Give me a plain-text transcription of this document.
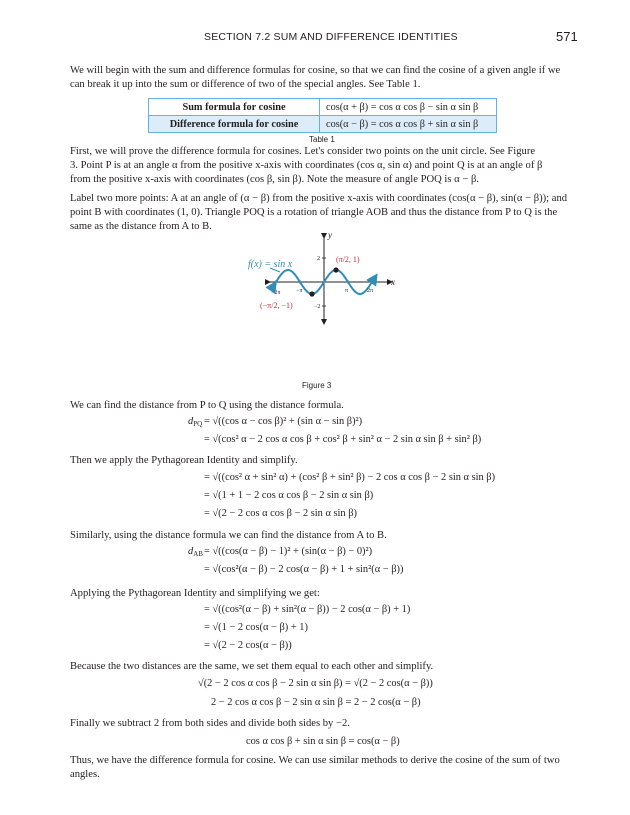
SECTION 7.2 SUM AND DIFFERENCE IDENTITIES	571
We will begin with the sum and difference formulas for cosine, so that we can find the cosine of a given angle if we
can break it up into the sum or difference of two of the special angles. See Table 1.
Sum formula for cosine	cos(α + β) = cos α cos β − sin α sin β
Difference formula for cosine	cos(α − β) = cos α cos β + sin α sin β
Table 1
First, we will prove the difference formula for cosines. Let's consider two points on the unit circle. See Figure
3. Point P is at an angle α from the positive x-axis with coordinates (cos α, sin α) and point Q is at an angle of β
from the positive x-axis with coordinates (cos β, sin β). Note the measure of angle POQ is α − β.
Label two more points: A at an angle of (α − β) from the positive x-axis with coordinates (cos(α − β), sin(α − β)); and
point B with coordinates (1, 0). Triangle POQ is a rotation of triangle AOB and thus the distance from P to Q is the
same as the distance from A to B.
y
x
−2π	−π	π	2π
2
−2
f(x) = sin x	(π/2, 1)
(−π/2, −1)
Figure 3
We can find the distance from P to Q using the distance formula.
$d_{PQ} = √((\cos$ α − cos β)² + (sin α − sin β)²)
= √(cos² α − 2 cos α cos β + cos² β + sin² α − 2 sin α sin β + sin² β)
Then we apply the Pythagorean Identity and simplify.
= √((cos² α + sin² α) + (cos² β + sin² β) − 2 cos α cos β − 2 sin α sin β)
= √(1 + 1 − 2 cos α cos β − 2 sin α sin β)
= √(2 − 2 cos α cos β − 2 sin α sin β)
Similarly, using the distance formula we can find the distance from A to B.
$d_{AB} = √((\cos(\alpha - \beta) - 1)^2 + (\sin(\alpha - \beta) - 0)^2)$
= √(cos²(α − β) − 2 cos(α − β) + 1 + sin²(α − β))
Applying the Pythagorean Identity and simplifying we get:
= √((cos²(α − β) + sin²(α − β)) − 2 cos(α − β) + 1)
= √(1 − 2 cos(α − β) + 1)
= √(2 − 2 cos(α − β))
Because the two distances are the same, we set them equal to each other and simplify.
√(2 − 2 cos α cos β − 2 sin α sin β) = √(2 − 2 cos(α − β))
2 − 2 cos α cos β − 2 sin α sin β = 2 − 2 cos(α − β)
Finally we subtract 2 from both sides and divide both sides by −2.
cos α cos β + sin α sin β = cos(α − β)
Thus, we have the difference formula for cosine. We can use similar methods to derive the cosine of the sum of two
angles.
